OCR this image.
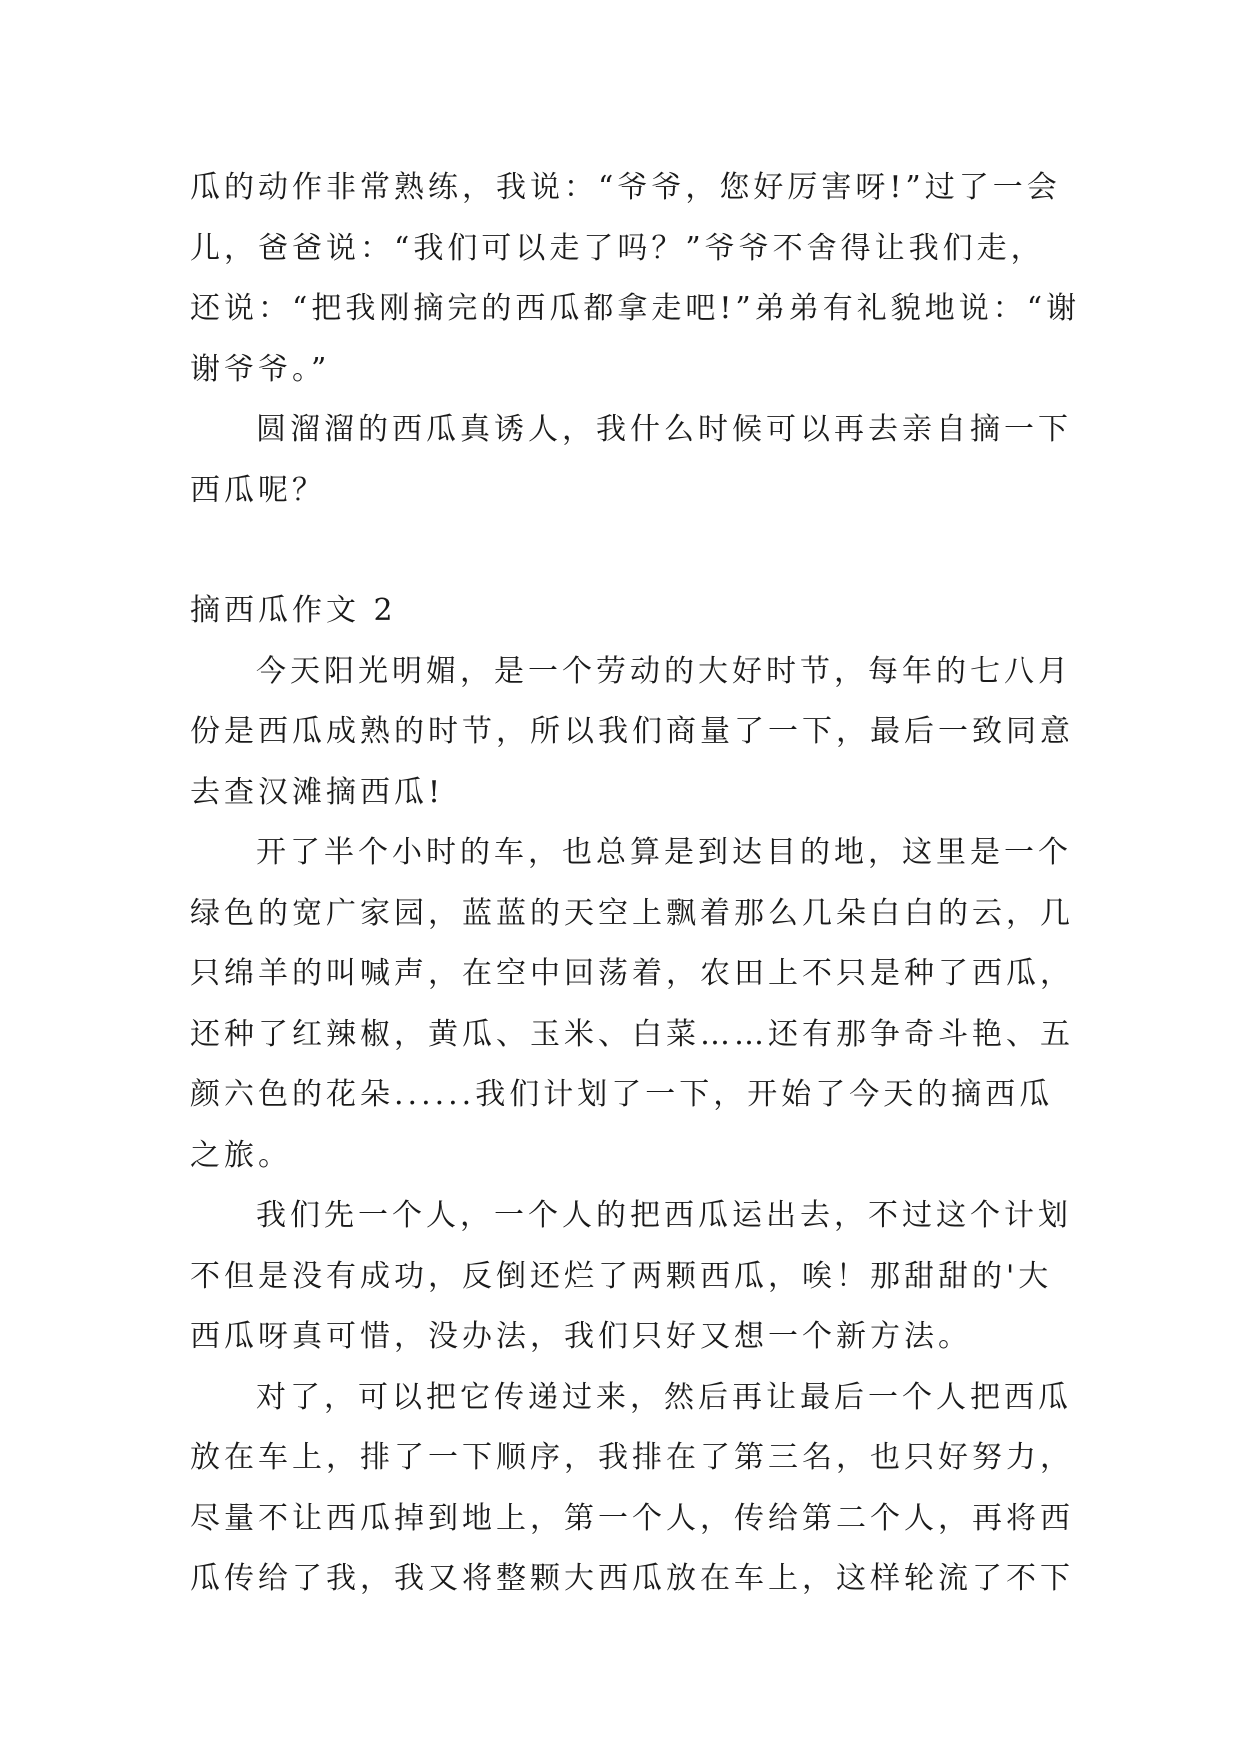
瓜的动作非常熟练，我说：“爷爷，您好厉害呀!”过了一会
儿，爸爸说：“我们可以走了吗？”爷爷不舍得让我们走，
还说：“把我刚摘完的西瓜都拿走吧!”弟弟有礼貌地说：“谢
谢爷爷。”
圆溜溜的西瓜真诱人，我什么时候可以再去亲自摘一下
西瓜呢？
摘西瓜作文 2
今天阳光明媚，是一个劳动的大好时节，每年的七八月
份是西瓜成熟的时节，所以我们商量了一下，最后一致同意
去查汉滩摘西瓜!
开了半个小时的车，也总算是到达目的地，这里是一个
绿色的宽广家园，蓝蓝的天空上飘着那么几朵白白的云，几
只绵羊的叫喊声，在空中回荡着，农田上不只是种了西瓜，
还种了红辣椒，黄瓜、玉米、白菜……还有那争奇斗艳、五
颜六色的花朵......我们计划了一下，开始了今天的摘西瓜
之旅。
我们先一个人，一个人的把西瓜运出去，不过这个计划
不但是没有成功，反倒还烂了两颗西瓜，唉！那甜甜的'大
西瓜呀真可惜，没办法，我们只好又想一个新方法。
对了，可以把它传递过来，然后再让最后一个人把西瓜
放在车上，排了一下顺序，我排在了第三名，也只好努力，
尽量不让西瓜掉到地上，第一个人，传给第二个人，再将西
瓜传给了我，我又将整颗大西瓜放在车上，这样轮流了不下
